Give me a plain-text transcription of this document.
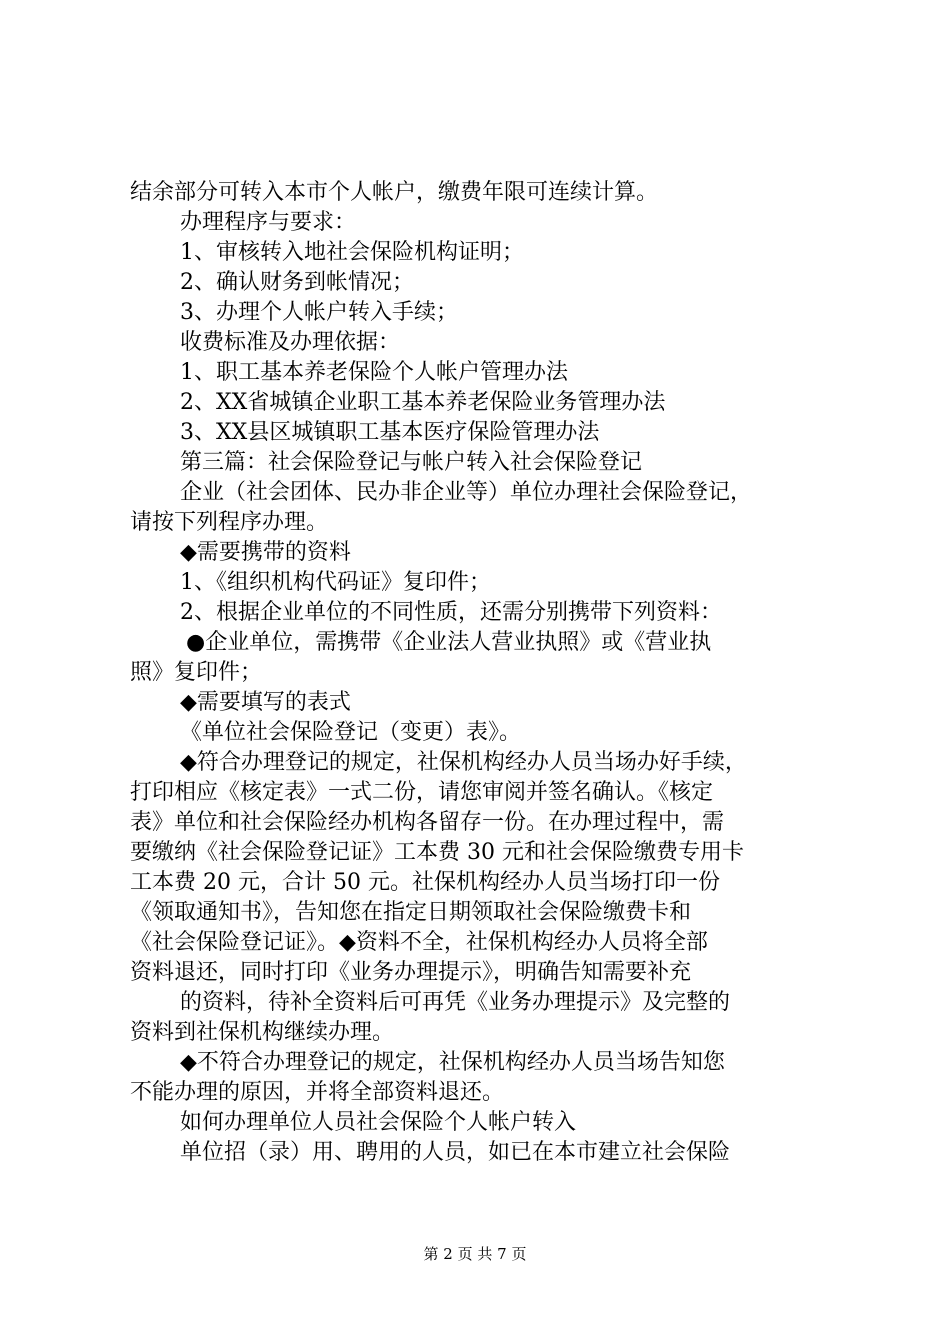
结余部分可转入本市个人帐户，缴费年限可连续计算。
办理程序与要求：
1、审核转入地社会保险机构证明；
2、确认财务到帐情况；
3、办理个人帐户转入手续；
收费标准及办理依据：
1、职工基本养老保险个人帐户管理办法
2、XX省城镇企业职工基本养老保险业务管理办法
3、XX县区城镇职工基本医疗保险管理办法
第三篇：社会保险登记与帐户转入社会保险登记
企业（社会团体、民办非企业等）单位办理社会保险登记，
请按下列程序办理。
◆需要携带的资料
1、《组织机构代码证》复印件；
2、根据企业单位的不同性质，还需分别携带下列资料：
●企业单位，需携带《企业法人营业执照》或《营业执
照》复印件；
◆需要填写的表式
《单位社会保险登记（变更）表》。
◆符合办理登记的规定，社保机构经办人员当场办好手续，
打印相应《核定表》一式二份，请您审阅并签名确认。《核定
表》单位和社会保险经办机构各留存一份。在办理过程中，需
要缴纳《社会保险登记证》工本费 30 元和社会保险缴费专用卡
工本费 20 元，合计 50 元。社保机构经办人员当场打印一份
《领取通知书》，告知您在指定日期领取社会保险缴费卡和
《社会保险登记证》。◆资料不全，社保机构经办人员将全部
资料退还，同时打印《业务办理提示》，明确告知需要补充
的资料，待补全资料后可再凭《业务办理提示》及完整的
资料到社保机构继续办理。
◆不符合办理登记的规定，社保机构经办人员当场告知您
不能办理的原因，并将全部资料退还。
如何办理单位人员社会保险个人帐户转入
单位招（录）用、聘用的人员，如已在本市建立社会保险
第 2 页 共 7 页
